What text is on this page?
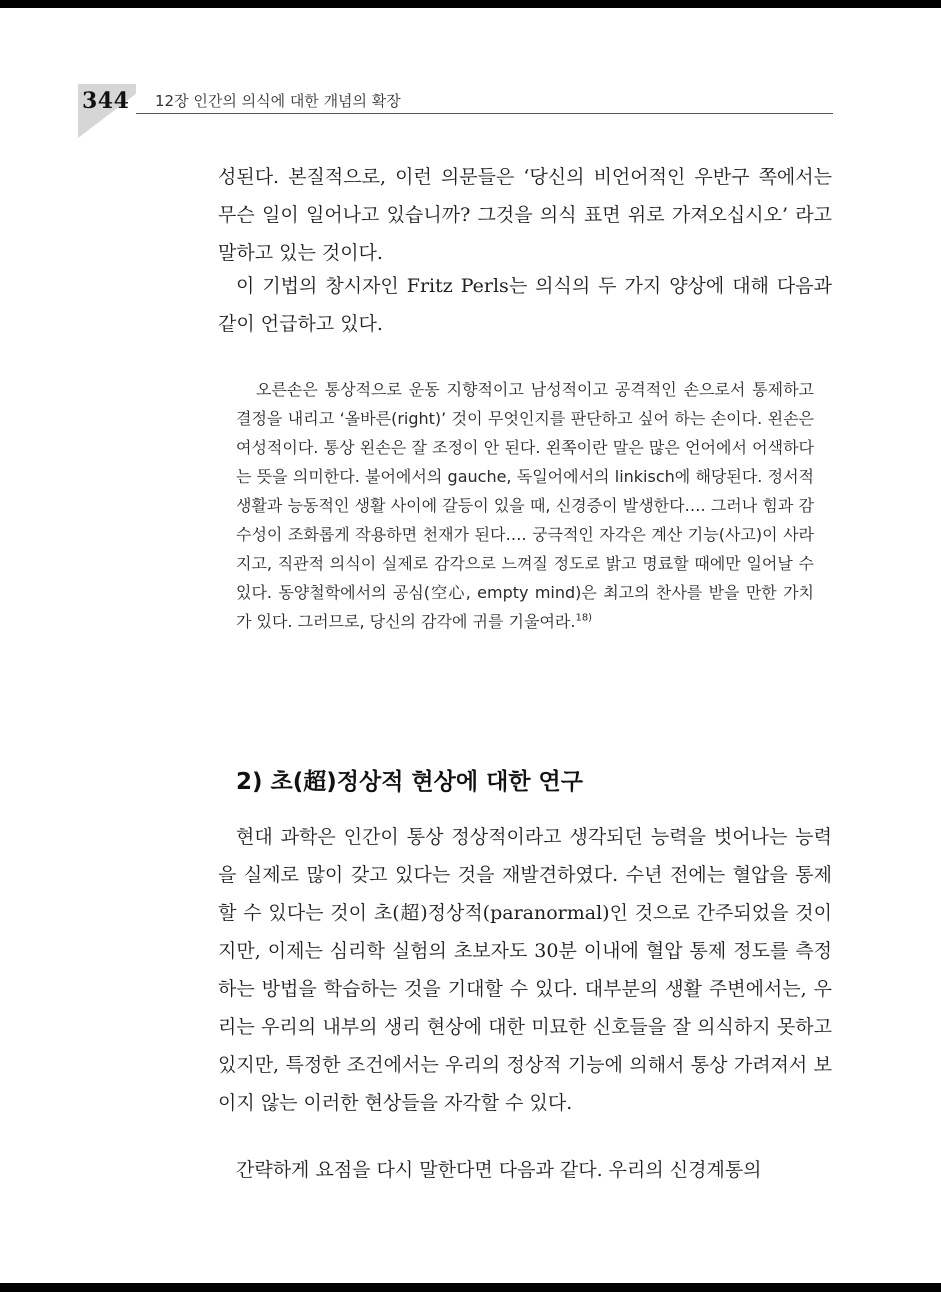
344 12장 인간의 의식에 대한 개념의 확장

성된다. 본질적으로, 이런 의문들은 ‘당신의 비언어적인 우반구 쪽에서는 무슨 일이 일어나고 있습니까? 그것을 의식 표면 위로 가져오십시오’ 라고 말하고 있는 것이다.

이 기법의 창시자인 Fritz Perls는 의식의 두 가지 양상에 대해 다음과 같이 언급하고 있다.

오른손은 통상적으로 운동 지향적이고 남성적이고 공격적인 손으로서 통제하고 결정을 내리고 ‘올바른(right)’ 것이 무엇인지를 판단하고 싶어 하는 손이다. 왼손은 여성적이다. 통상 왼손은 잘 조정이 안 된다. 왼쪽이란 말은 많은 언어에서 어색하다는 뜻을 의미한다. 불어에서의 gauche, 독일어에서의 linkisch에 해당된다. 정서적 생활과 능동적인 생활 사이에 갈등이 있을 때, 신경증이 발생한다…. 그러나 힘과 감수성이 조화롭게 작용하면 천재가 된다…. 궁극적인 자각은 계산 기능(사고)이 사라지고, 직관적 의식이 실제로 감각으로 느껴질 정도로 밝고 명료할 때에만 일어날 수 있다. 동양철학에서의 공심(空心, empty mind)은 최고의 찬사를 받을 만한 가치가 있다. 그러므로, 당신의 감각에 귀를 기울여라.$^{18)}$

2) 초(超)정상적 현상에 대한 연구

현대 과학은 인간이 통상 정상적이라고 생각되던 능력을 벗어나는 능력을 실제로 많이 갖고 있다는 것을 재발견하였다. 수년 전에는 혈압을 통제할 수 있다는 것이 초(超)정상적(paranormal)인 것으로 간주되었을 것이지만, 이제는 심리학 실험의 초보자도 30분 이내에 혈압 통제 정도를 측정하는 방법을 학습하는 것을 기대할 수 있다. 대부분의 생활 주변에서는, 우리는 우리의 내부의 생리 현상에 대한 미묘한 신호들을 잘 의식하지 못하고 있지만, 특정한 조건에서는 우리의 정상적 기능에 의해서 통상 가려져서 보이지 않는 이러한 현상들을 자각할 수 있다.

간략하게 요점을 다시 말한다면 다음과 같다. 우리의 신경계통의
